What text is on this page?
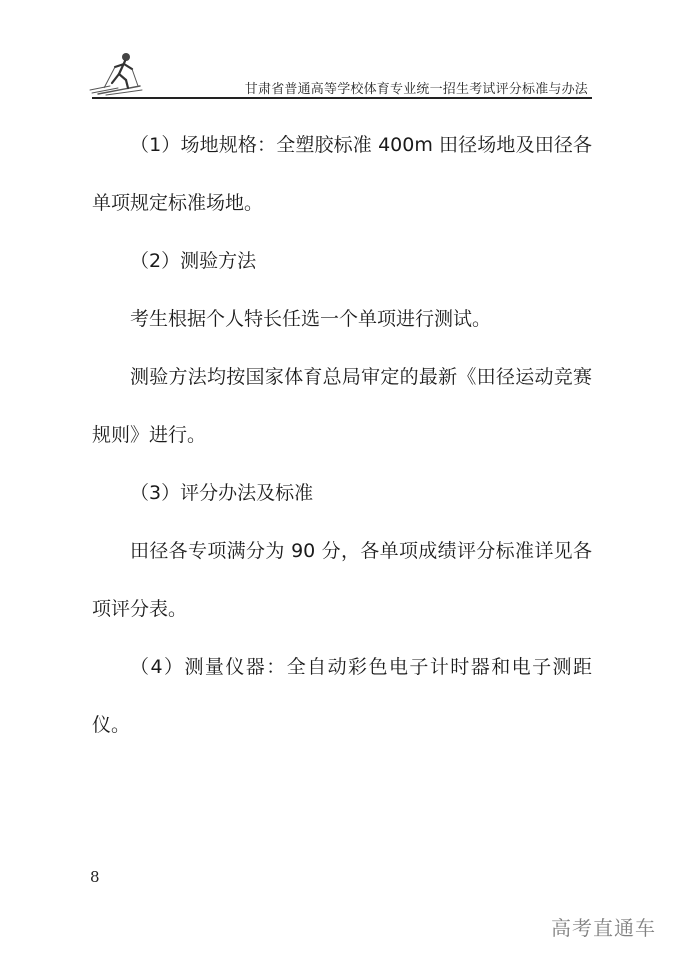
甘肃省普通高等学校体育专业统一招生考试评分标准与办法

（1）场地规格：全塑胶标准 400m 田径场地及田径各单项规定标准场地。

（2）测验方法

考生根据个人特长任选一个单项进行测试。

测验方法均按国家体育总局审定的最新《田径运动竞赛规则》进行。

（3）评分办法及标准

田径各专项满分为 90 分，各单项成绩评分标准详见各项评分表。

（4）测量仪器：全自动彩色电子计时器和电子测距仪。

8
高考直通车
